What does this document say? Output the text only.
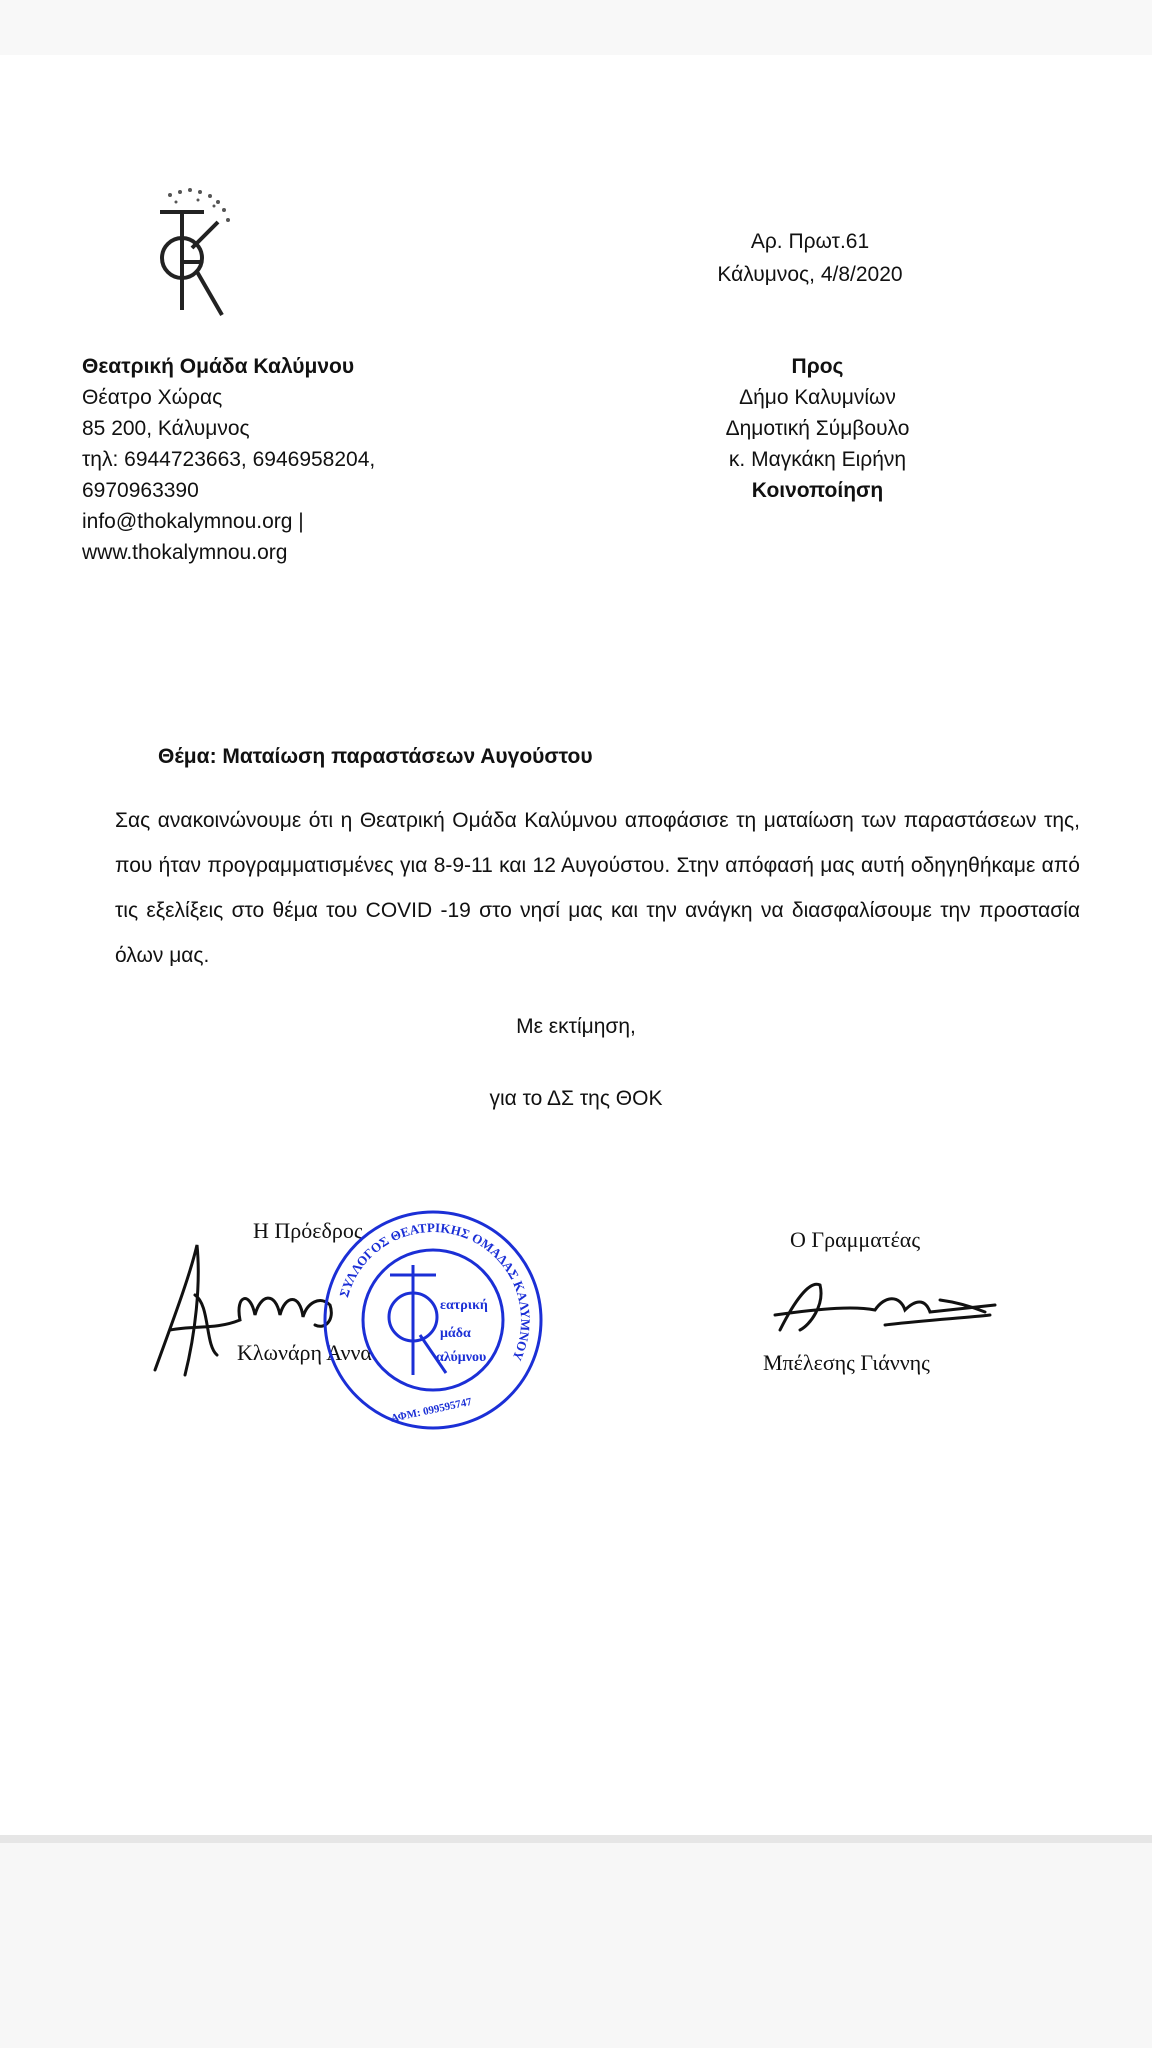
Αρ. Πρωτ.61
Κάλυμνος, 4/8/2020
Θεατρική Ομάδα Καλύμνου
Θέατρο Χώρας
85 200, Κάλυμνος
τηλ: 6944723663, 6946958204,
6970963390
info@thokalymnou.org |
www.thokalymnou.org
Προς
Δήμο Καλυμνίων
Δημοτική Σύμβουλο
κ. Μαγκάκη Ειρήνη
Κοινοποίηση
Θέμα: Ματαίωση παραστάσεων Αυγούστου
Σας ανακοινώνουμε ότι η Θεατρική Ομάδα Καλύμνου αποφάσισε τη ματαίωση των παραστάσεων της, που ήταν προγραμματισμένες για 8-9-11 και 12 Αυγούστου. Στην απόφασή μας αυτή οδηγηθήκαμε από τις εξελίξεις στο θέμα του COVID -19 στο νησί μας και την ανάγκη να διασφαλίσουμε την προστασία όλων μας.
Με εκτίμηση,
για το ΔΣ της ΘΟΚ
Η Πρόεδρος
Κλωνάρη Άννα
ΣΥΛΛΟΓΟΣ ΘΕΑΤΡΙΚΗΣ ΟΜΑΔΑΣ ΚΑΛΥΜΝΟΥ
εατρική
μάδα
αλύμνου
ΑΦΜ: 099595747
Ο Γραμματέας
Μπέλεσης Γιάννης
